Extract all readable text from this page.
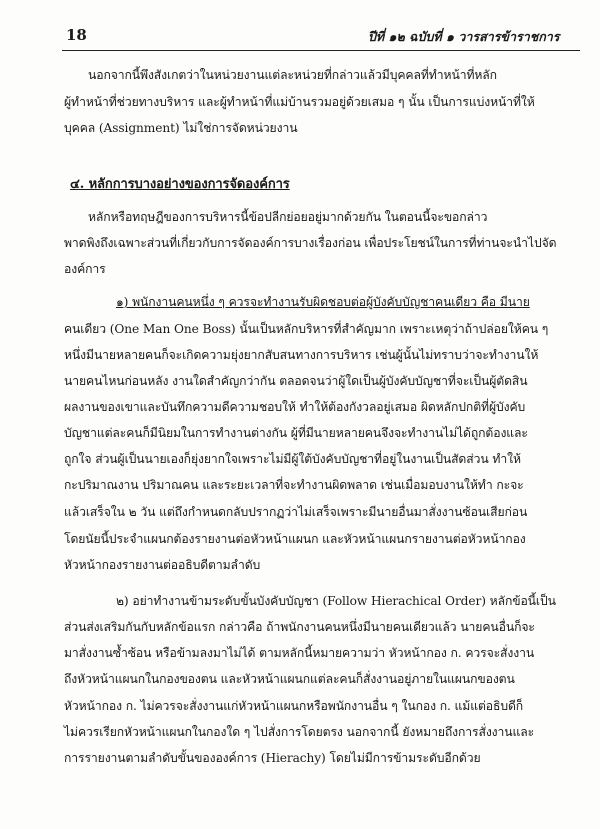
18	ปีที่ ๑๒ ฉบับที่ ๑ วารสารข้าราชการ
นอกจากนี้พึงสังเกตว่าในหน่วยงานแต่ละหน่วยที่กล่าวแล้วมีบุคคลที่ทำหน้าที่หลัก
ผู้ทำหน้าที่ช่วยทางบริหาร และผู้ทำหน้าที่แม่บ้านรวมอยู่ด้วยเสมอ ๆ นั้น เป็นการแบ่งหน้าที่ให้
บุคคล (Assignment) ไม่ใช่การจัดหน่วยงาน
๔. หลักการบางอย่างของการจัดองค์การ
หลักหรือทฤษฎีของการบริหารนี้ข้อปลีกย่อยอยู่มากด้วยกัน ในตอนนี้จะขอกล่าว
พาดพิงถึงเฉพาะส่วนที่เกี่ยวกับการจัดองค์การบางเรื่องก่อน เพื่อประโยชน์ในการที่ท่านจะนำไปจัด
องค์การ
๑) พนักงานคนหนึ่ง ๆ ควรจะทำงานรับผิดชอบต่อผู้บังคับบัญชาคนเดียว คือ มีนาย
คนเดียว (One Man One Boss) นั้นเป็นหลักบริหารที่สำคัญมาก เพราะเหตุว่าถ้าปล่อยให้คน ๆ
หนึ่งมีนายหลายคนก็จะเกิดความยุ่งยากสับสนทางการบริหาร เช่นผู้นั้นไม่ทราบว่าจะทำงานให้
นายคนไหนก่อนหลัง งานใดสำคัญกว่ากัน ตลอดจนว่าผู้ใดเป็นผู้บังคับบัญชาที่จะเป็นผู้ตัดสิน
ผลงานของเขาและบันทึกความดีความชอบให้ ทำให้ต้องกังวลอยู่เสมอ ผิดหลักปกติที่ผู้บังคับ
บัญชาแต่ละคนก็มีนิยมในการทำงานต่างกัน ผู้ที่มีนายหลายคนจึงจะทำงานไม่ได้ถูกต้องและ
ถูกใจ ส่วนผู้เป็นนายเองก็ยุ่งยากใจเพราะไม่มีผู้ใต้บังคับบัญชาที่อยู่ในงานเป็นสัดส่วน ทำให้
กะปริมาณงาน ปริมาณคน และระยะเวลาที่จะทำงานผิดพลาด เช่นเมื่อมอบงานให้ทำ กะจะ
แล้วเสร็จใน ๒ วัน แต่ถึงกำหนดกลับปรากฏว่าไม่เสร็จเพราะมีนายอื่นมาสั่งงานซ้อนเสียก่อน
โดยนัยนี้ประจำแผนกต้องรายงานต่อหัวหน้าแผนก และหัวหน้าแผนกรายงานต่อหัวหน้ากอง
หัวหน้ากองรายงานต่ออธิบดีตามลำดับ
๒) อย่าทำงานข้ามระดับขั้นบังคับบัญชา (Follow Hierachical Order) หลักข้อนี้เป็น
ส่วนส่งเสริมกันกับหลักข้อแรก กล่าวคือ ถ้าพนักงานคนหนึ่งมีนายคนเดียวแล้ว นายคนอื่นก็จะ
มาสั่งงานซ้ำซ้อน หรือข้ามลงมาไม่ได้ ตามหลักนี้หมายความว่า หัวหน้ากอง ก. ควรจะสั่งงาน
ถึงหัวหน้าแผนกในกองของตน และหัวหน้าแผนกแต่ละคนก็สั่งงานอยู่ภายในแผนกของตน
หัวหน้ากอง ก. ไม่ควรจะสั่งงานแก่หัวหน้าแผนกหรือพนักงานอื่น ๆ ในกอง ก. แม้แต่อธิบดีก็
ไม่ควรเรียกหัวหน้าแผนกในกองใด ๆ ไปสั่งการโดยตรง นอกจากนี้ ยังหมายถึงการสั่งงานและ
การรายงานตามลำดับขั้นขององค์การ (Hierachy) โดยไม่มีการข้ามระดับอีกด้วย
